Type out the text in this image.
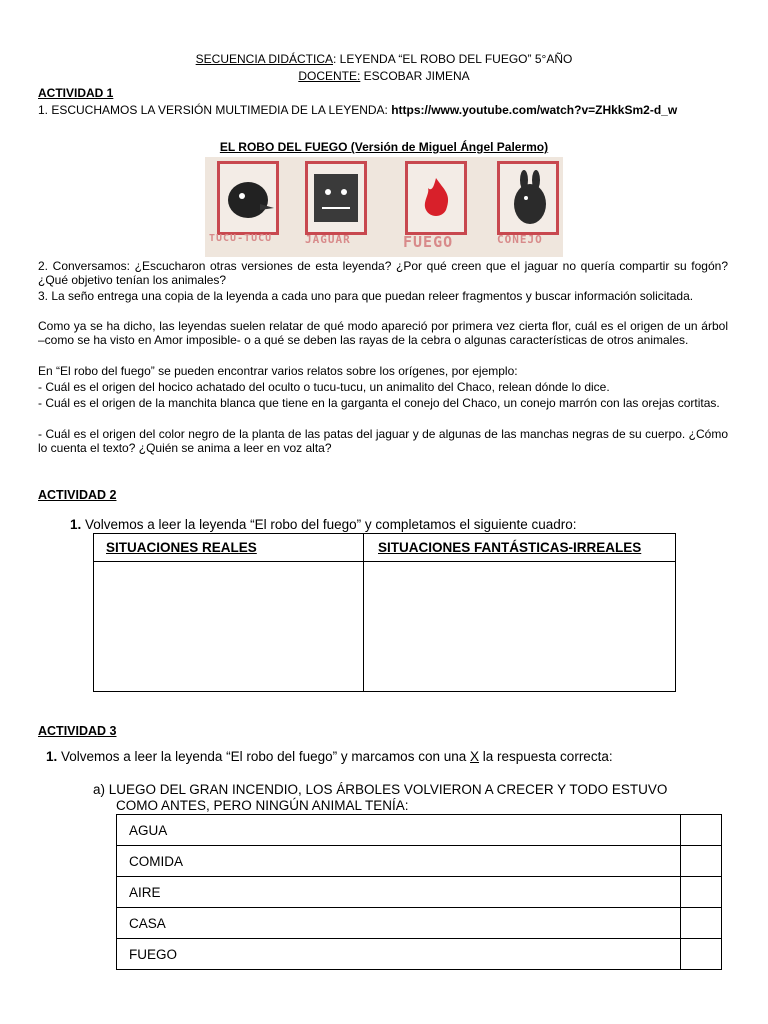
SECUENCIA DIDÁCTICA: LEYENDA “EL ROBO DEL FUEGO” 5°AÑO
DOCENTE: ESCOBAR JIMENA
ACTIVIDAD 1
1. ESCUCHAMOS LA VERSIÓN MULTIMEDIA DE LA LEYENDA: https://www.youtube.com/watch?v=ZHkkSm2-d_w
EL ROBO DEL FUEGO (Versión de Miguel Ángel Palermo)
TUCU-TUCU	JAGUAR	FUEGO	CONEJO
2. Conversamos: ¿Escucharon otras versiones de esta leyenda? ¿Por qué creen que el jaguar no quería compartir su fogón? ¿Qué objetivo tenían los animales?
3. La seño entrega una copia de la leyenda a cada uno para que puedan releer fragmentos y buscar información solicitada.
Como ya se ha dicho, las leyendas suelen relatar de qué modo apareció por primera vez cierta flor, cuál es el origen de un árbol –como se ha visto en Amor imposible- o a qué se deben las rayas de la cebra o algunas características de otros animales.
En “El robo del fuego” se pueden encontrar varios relatos sobre los orígenes, por ejemplo:
- Cuál es el origen del hocico achatado del oculto o tucu-tucu, un animalito del Chaco, relean dónde lo dice.
- Cuál es el origen de la manchita blanca que tiene en la garganta el conejo del Chaco, un conejo marrón con las orejas cortitas.
- Cuál es el origen del color negro de la planta de las patas del jaguar y de algunas de las manchas negras de su cuerpo. ¿Cómo lo cuenta el texto? ¿Quién se anima a leer en voz alta?
ACTIVIDAD 2
1. Volvemos a leer la leyenda “El robo del fuego” y completamos el siguiente cuadro:
SITUACIONES REALES	SITUACIONES FANTÁSTICAS-IRREALES

ACTIVIDAD 3
1. Volvemos a leer la leyenda “El robo del fuego” y marcamos con una X la respuesta correcta:
a) LUEGO DEL GRAN INCENDIO, LOS ÁRBOLES VOLVIERON A CRECER Y TODO ESTUVO
COMO ANTES, PERO NINGÚN ANIMAL TENÍA:
AGUA	
COMIDA	
AIRE	
CASA	
FUEGO	
